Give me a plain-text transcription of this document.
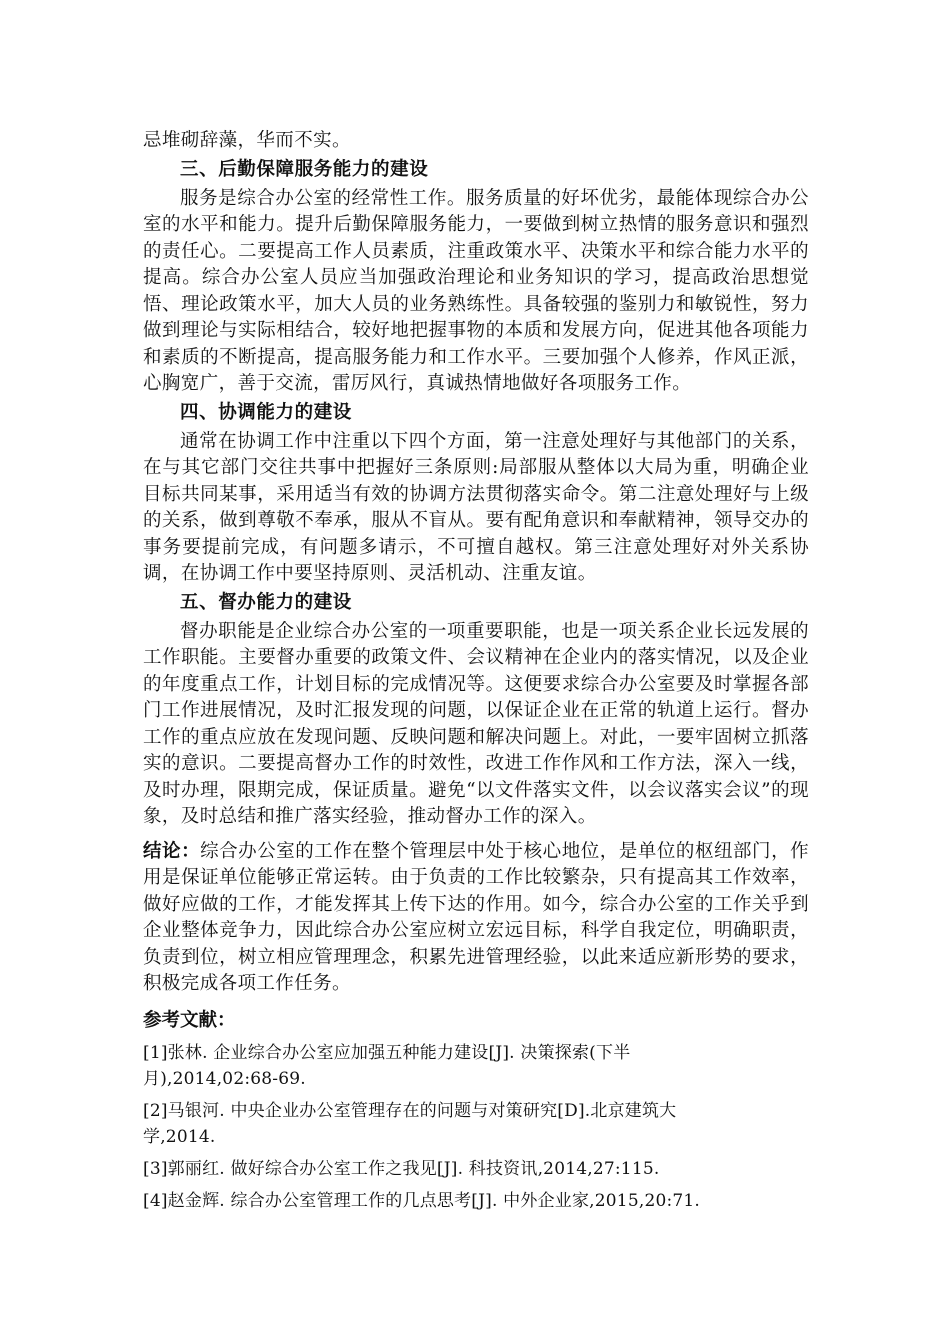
忌堆砌辞藻，华而不实。

三、后勤保障服务能力的建设

服务是综合办公室的经常性工作。服务质量的好坏优劣，最能体现综合办公室的水平和能力。提升后勤保障服务能力，一要做到树立热情的服务意识和强烈的责任心。二要提高工作人员素质，注重政策水平、决策水平和综合能力水平的提高。综合办公室人员应当加强政治理论和业务知识的学习，提高政治思想觉悟、理论政策水平，加大人员的业务熟练性。具备较强的鉴别力和敏锐性，努力做到理论与实际相结合，较好地把握事物的本质和发展方向，促进其他各项能力和素质的不断提高，提高服务能力和工作水平。三要加强个人修养，作风正派，心胸宽广，善于交流，雷厉风行，真诚热情地做好各项服务工作。

四、协调能力的建设

通常在协调工作中注重以下四个方面，第一注意处理好与其他部门的关系，在与其它部门交往共事中把握好三条原则:局部服从整体以大局为重，明确企业目标共同某事，采用适当有效的协调方法贯彻落实命令。第二注意处理好与上级的关系，做到尊敬不奉承，服从不盲从。要有配角意识和奉献精神，领导交办的事务要提前完成，有问题多请示，不可擅自越权。第三注意处理好对外关系协调，在协调工作中要坚持原则、灵活机动、注重友谊。

五、督办能力的建设

督办职能是企业综合办公室的一项重要职能，也是一项关系企业长远发展的工作职能。主要督办重要的政策文件、会议精神在企业内的落实情况，以及企业的年度重点工作，计划目标的完成情况等。这便要求综合办公室要及时掌握各部门工作进展情况，及时汇报发现的问题，以保证企业在正常的轨道上运行。督办工作的重点应放在发现问题、反映问题和解决问题上。对此，一要牢固树立抓落实的意识。二要提高督办工作的时效性，改进工作作风和工作方法，深入一线，及时办理，限期完成，保证质量。避免“以文件落实文件，以会议落实会议”的现象，及时总结和推广落实经验，推动督办工作的深入。

结论：综合办公室的工作在整个管理层中处于核心地位，是单位的枢纽部门，作用是保证单位能够正常运转。由于负责的工作比较繁杂，只有提高其工作效率，做好应做的工作，才能发挥其上传下达的作用。如今，综合办公室的工作关乎到企业整体竞争力，因此综合办公室应树立宏远目标，科学自我定位，明确职责，负责到位，树立相应管理理念，积累先进管理经验，以此来适应新形势的要求，积极完成各项工作任务。

参考文献：
[1]张林. 企业综合办公室应加强五种能力建设[J]. 决策探索(下半月),2014,02:68-69.
[2]马银河. 中央企业办公室管理存在的问题与对策研究[D].北京建筑大学,2014.
[3]郭丽红. 做好综合办公室工作之我见[J]. 科技资讯,2014,27:115.
[4]赵金辉. 综合办公室管理工作的几点思考[J]. 中外企业家,2015,20:71.
